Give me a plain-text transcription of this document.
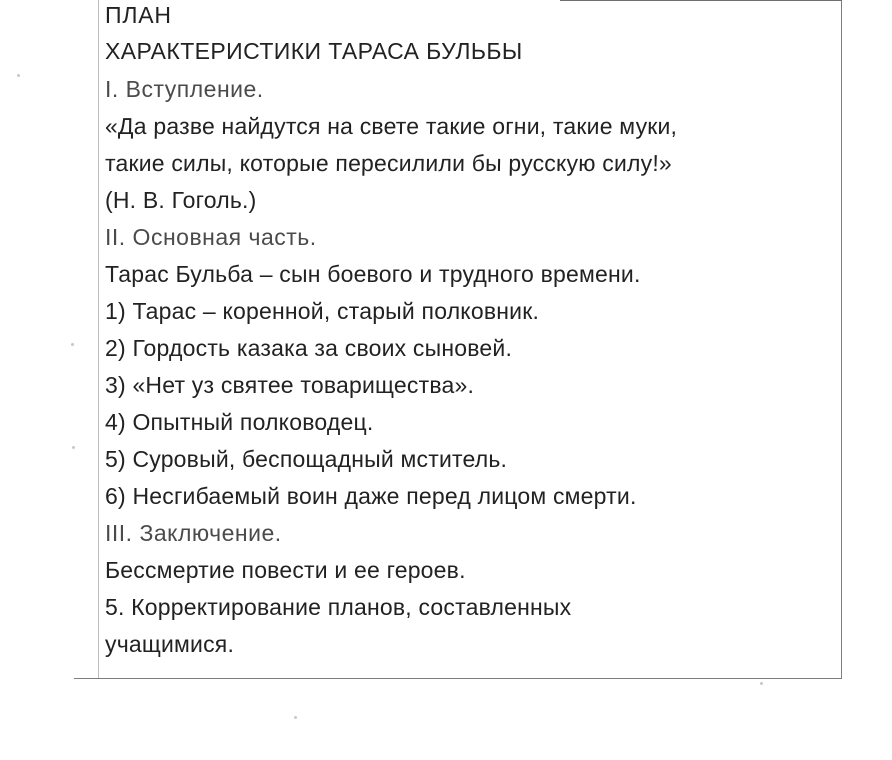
ПЛАН
ХАРАКТЕРИСТИКИ ТАРАСА БУЛЬБЫ
I. Вступление.
«Да разве найдутся на свете такие огни, такие муки,
такие силы, которые пересилили бы русскую силу!»
(Н. В. Гоголь.)
II. Основная часть.
Тарас Бульба – сын боевого и трудного времени.
1) Тарас – коренной, старый полковник.
2) Гордость казака за своих сыновей.
3) «Нет уз святее товарищества».
4) Опытный полководец.
5) Суровый, беспощадный мститель.
6) Несгибаемый воин даже перед лицом смерти.
III. Заключение.
Бессмертие повести и ее героев.
5. Корректирование планов, составленных
учащимися.
